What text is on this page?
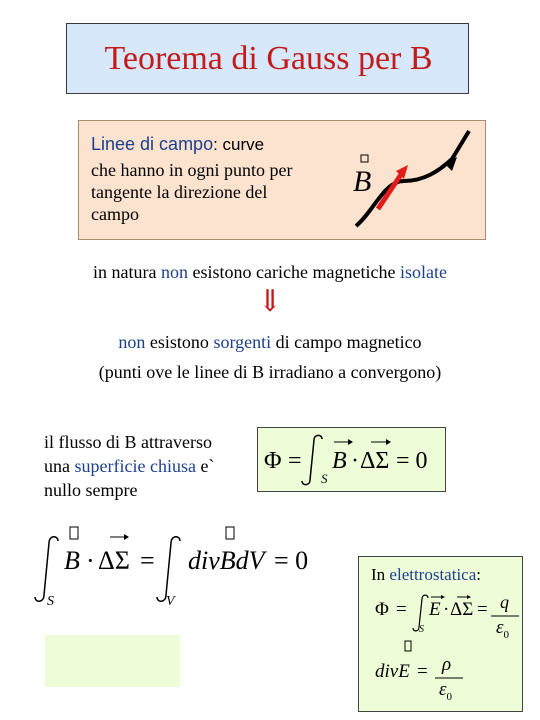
Teorema di Gauss per B
Linee di campo: curve
che hanno in ogni punto per
tangente la direzione del
campo
B
in natura non esistono cariche magnetiche isolate
⇓
non esistono sorgenti di campo magnetico
(punti ove le linee di B irradiano a convergono)
il flusso di B attraverso
una superficie chiusa e`
nullo sempre
Φ = B · ΔΣ = 0
S
B · ΔΣ = divBdV = 0
S	V
In elettrostatica:
Φ = E · ΔΣ = q
$\varepsilon_0$
S
divE = ρ
$\varepsilon_0$
